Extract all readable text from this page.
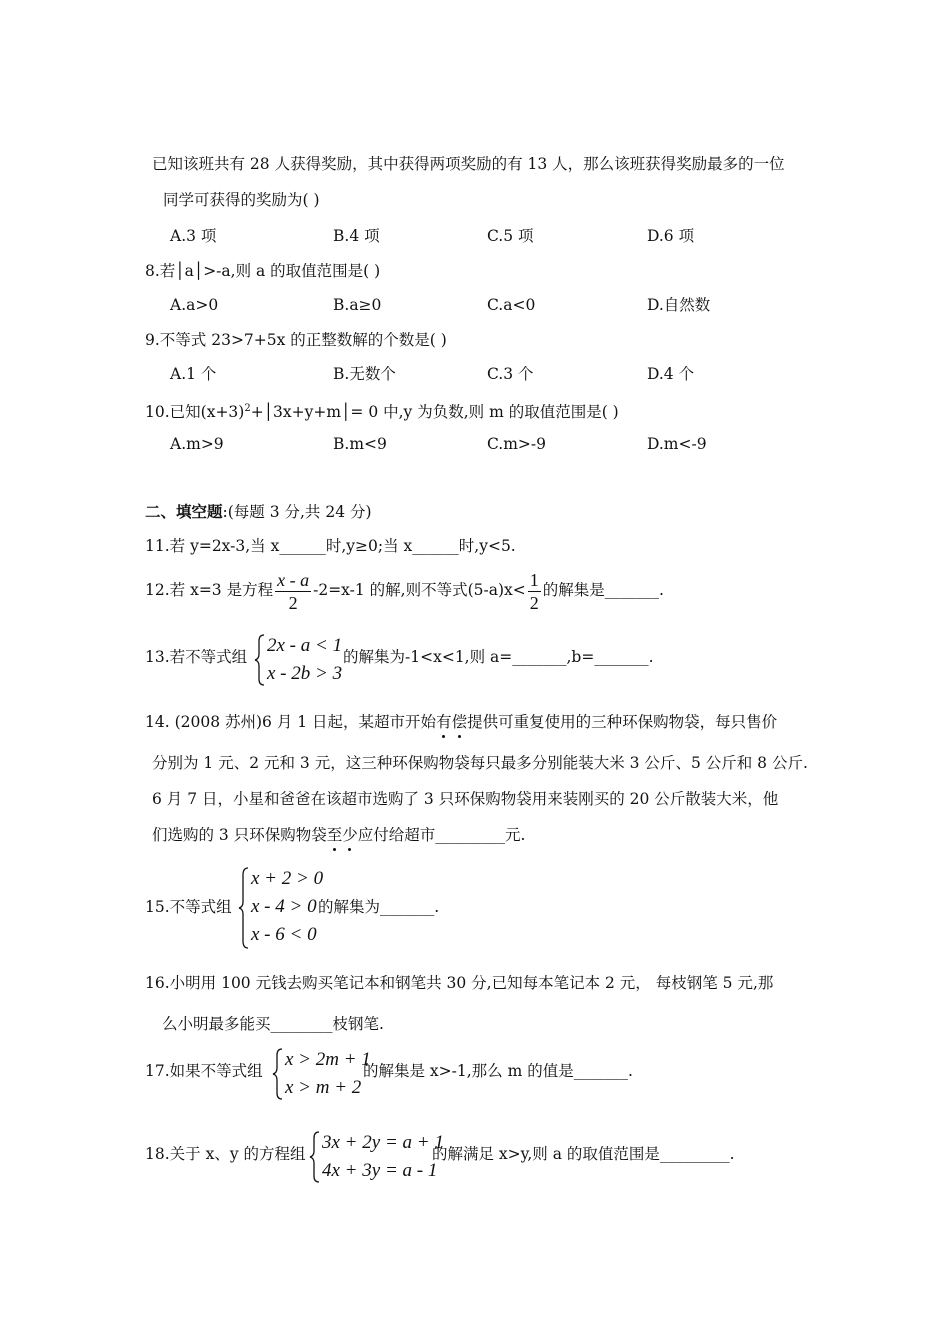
已知该班共有 28 人获得奖励，其中获得两项奖励的有 13 人，那么该班获得奖励最多的一位
同学可获得的奖励为( )
A.3 项	B.4 项	C.5 项	D.6 项
8.若│a│>-a,则 a 的取值范围是( )
A.a>0	B.a≥0	C.a<0	D.自然数
9.不等式 23>7+5x 的正整数解的个数是( )
A.1 个	B.无数个	C.3 个	D.4 个
10.已知$(x+3)^2+│3x+y+m│= 0$ 中,y 为负数,则 m 的取值范围是( )
A.m>9	B.m<9	C.m>-9	D.m<-9
二、填空题:(每题 3 分,共 24 分)
11.若 y=2x-3,当 x______时,y≥0;当 x______时,y<5.
12.若 x=3 是方程 $\frac{x - a}{2} -2=x-1$ 的解,则不等式$(5-a)x< \frac{1}{2}$ 的解集是_______.
13.若不等式组
2x - a < 1
x - 2b > 3
的解集为-1<x<1,则 a=_______,b=_______.
14. (2008 苏州)6 月 1 日起，某超市开始有偿提供可重复使用的三种环保购物袋，每只售价
分别为 1 元、2 元和 3 元，这三种环保购物袋每只最多分别能装大米 3 公斤、5 公斤和 8 公斤.
6 月 7 日，小星和爸爸在该超市选购了 3 只环保购物袋用来装刚买的 20 公斤散装大米，他
们选购的 3 只环保购物袋至少应付给超市_________元.
15.不等式组
x + 2 > 0
x - 4 > 0
x - 6 < 0
的解集为_______.
16.小明用 100 元钱去购买笔记本和钢笔共 30 分,已知每本笔记本 2 元， 每枝钢笔 5 元,那
么小明最多能买________枝钢笔.
17.如果不等式组
x > 2m + 1
x > m + 2
的解集是 x>-1,那么 m 的值是_______.
18.关于 x、y 的方程组
3x + 2y = a + 1
4x + 3y = a - 1
的解满足 x>y,则 a 的取值范围是_________.
